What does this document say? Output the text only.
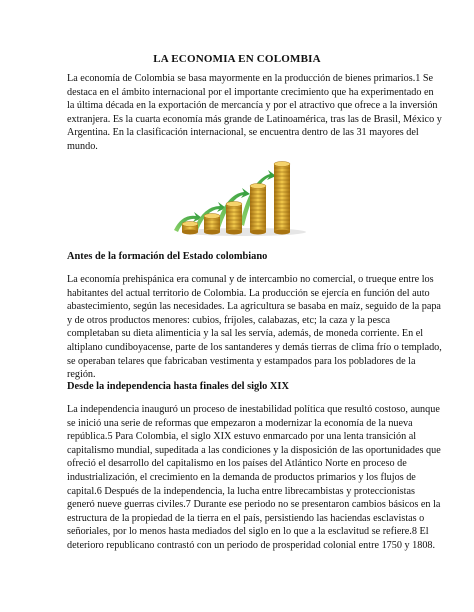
LA ECONOMIA EN COLOMBIA
La economía de Colombia se basa mayormente en la producción de bienes primarios.1 Se
destaca en el ámbito internacional por el importante crecimiento que ha experimentado en
la última década en la exportación de mercancía y por el atractivo que ofrece a la inversión
extranjera. Es la cuarta economía más grande de Latinoamérica, tras las de Brasil, México y
Argentina. En la clasificación internacional, se encuentra dentro de las 31 mayores del
mundo.
Antes de la formación del Estado colombiano
La economía prehispánica era comunal y de intercambio no comercial, o trueque entre los
habitantes del actual territorio de Colombia. La producción se ejercía en función del auto
abastecimiento, según las necesidades. La agricultura se basaba en maíz, seguido de la papa
y de otros productos menores: cubios, fríjoles, calabazas, etc; la caza y la pesca
completaban su dieta alimenticia y la sal les servía, además, de moneda corriente. En el
altiplano cundiboyacense, parte de los santanderes y demás tierras de clima frío o templado,
se operaban telares que fabricaban vestimenta y estampados para los pobladores de la
región.
Desde la independencia hasta finales del siglo XIX
La independencia inauguró un proceso de inestabilidad política que resultó costoso, aunque
se inició una serie de reformas que empezaron a modernizar la economía de la nueva
república.5 Para Colombia, el siglo XIX estuvo enmarcado por una lenta transición al
capitalismo mundial, supeditada a las condiciones y la disposición de las oportunidades que
ofreció el desarrollo del capitalismo en los países del Atlántico Norte en proceso de
industrialización, el crecimiento en la demanda de productos primarios y los flujos de
capital.6 Después de la independencia, la lucha entre librecambistas y proteccionistas
generó nueve guerras civiles.7 Durante ese periodo no se presentaron cambios básicos en la
estructura de la propiedad de la tierra en el país, persistiendo las haciendas esclavistas o
señoriales, por lo menos hasta mediados del siglo en lo que a la esclavitud se refiere.8 El
deterioro republicano contrastó con un periodo de prosperidad colonial entre 1750 y 1808.
